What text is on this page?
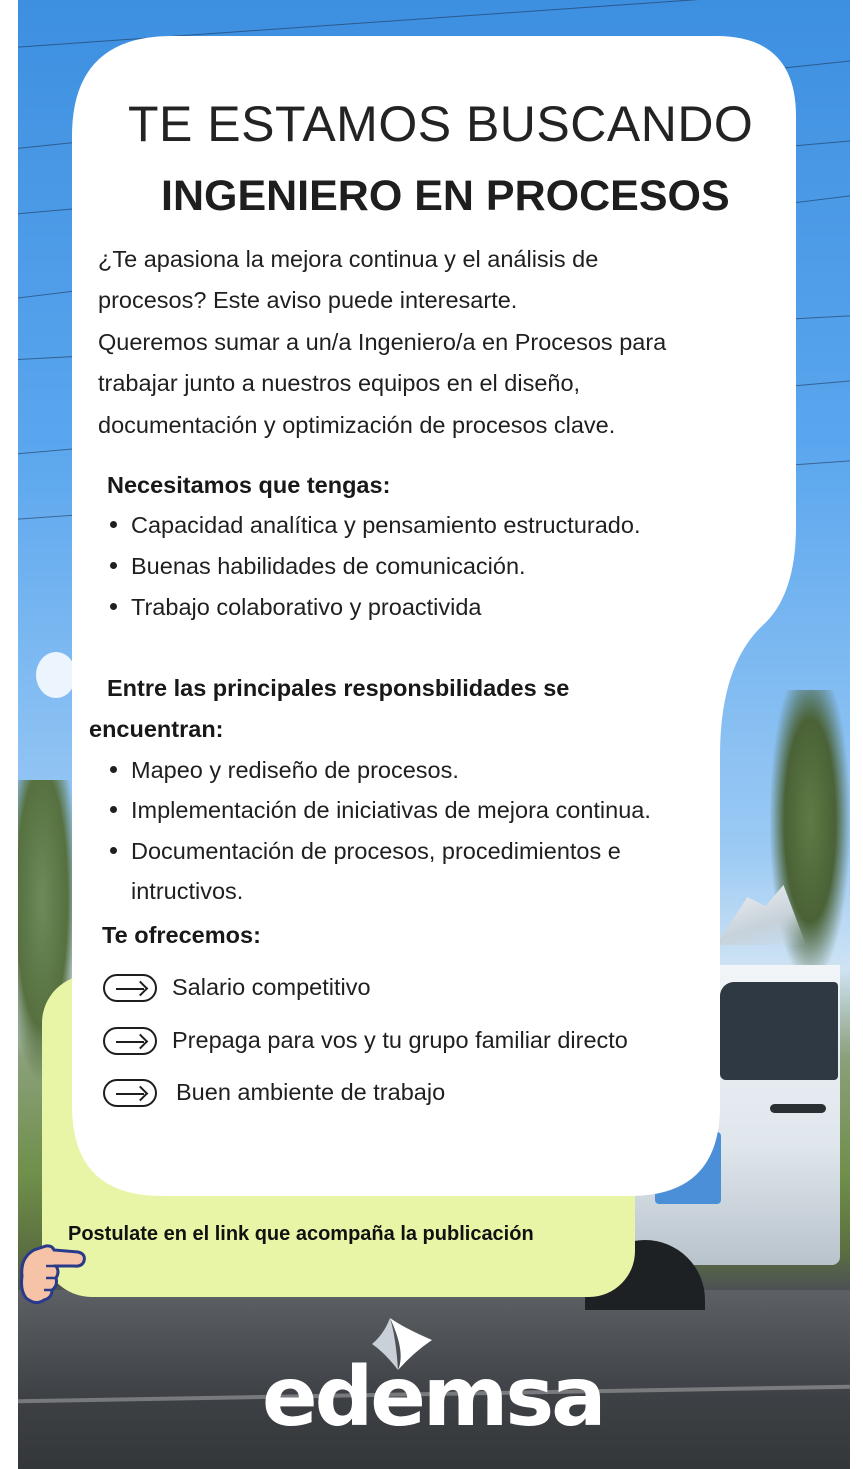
TE ESTAMOS BUSCANDO
INGENIERO EN PROCESOS
¿Te apasiona la mejora continua y el análisis de
procesos? Este aviso puede interesarte.
Queremos sumar a un/a Ingeniero/a en Procesos para
trabajar junto a nuestros equipos en el diseño,
documentación y optimización de procesos clave.
Necesitamos que tengas:
Capacidad analítica y pensamiento estructurado.
Buenas habilidades de comunicación.
Trabajo colaborativo y proactivida
Entre las principales responsbilidades se
encuentran:
Mapeo y rediseño de procesos.
Implementación de iniciativas de mejora continua.
Documentación de procesos, procedimientos e
intructivos.
Te ofrecemos:
Salario competitivo
Prepaga para vos y tu grupo familiar directo
Buen ambiente de trabajo
Postulate en el link que acompaña la publicación
edemsa
